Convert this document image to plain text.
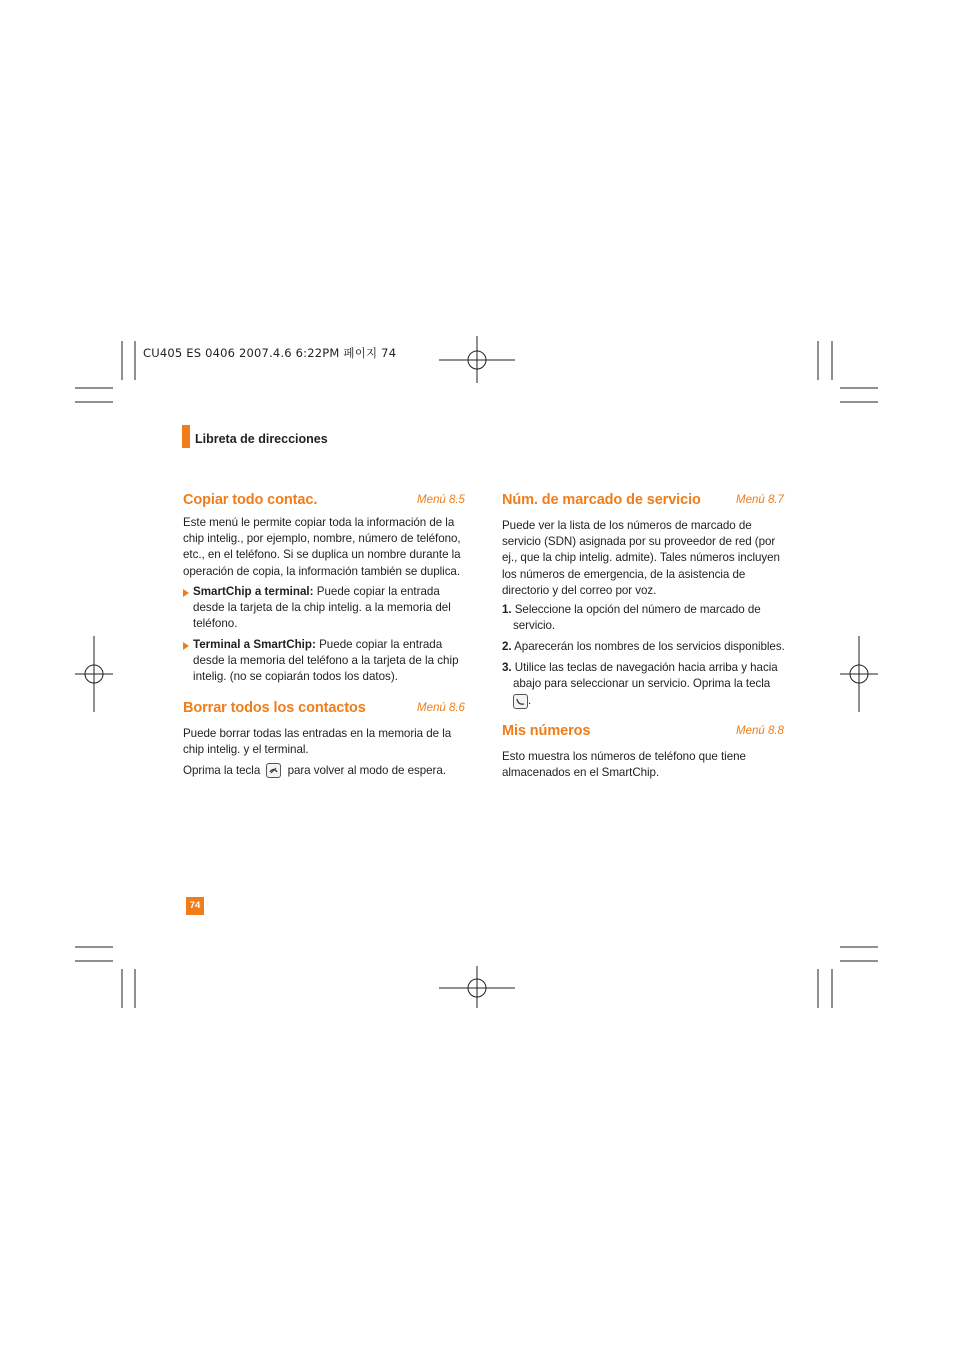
CU405 ES 0406 2007.4.6 6:22PM 페이지 74
Libreta de direcciones
Copiar todo contac.	Menú 8.5
Este menú le permite copiar toda la información de la
chip intelig., por ejemplo, nombre, número de teléfono,
etc., en el teléfono. Si se duplica un nombre durante la
operación de copia, la información también se duplica.
SmartChip a terminal: Puede copiar la entrada
desde la tarjeta de la chip intelig. a la memoria del
teléfono.
Terminal a SmartChip: Puede copiar la entrada
desde la memoria del teléfono a la tarjeta de la chip
intelig. (no se copiarán todos los datos).
Borrar todos los contactos	Menú 8.6
Puede borrar todas las entradas en la memoria de la
chip intelig. y el terminal.
Oprima la tecla
para volver al modo de espera.
Núm. de marcado de servicio	Menú 8.7
Puede ver la lista de los números de marcado de
servicio (SDN) asignada por su proveedor de red (por
ej., que la chip intelig. admite). Tales números incluyen
los números de emergencia, de la asistencia de
directorio y del correo por voz.
1. Seleccione la opción del número de marcado de
servicio.
2. Aparecerán los nombres de los servicios disponibles.
3. Utilice las teclas de navegación hacia arriba y hacia
abajo para seleccionar un servicio. Oprima la tecla
.
Mis números	Menú 8.8
Esto muestra los números de teléfono que tiene
almacenados en el SmartChip.
74
